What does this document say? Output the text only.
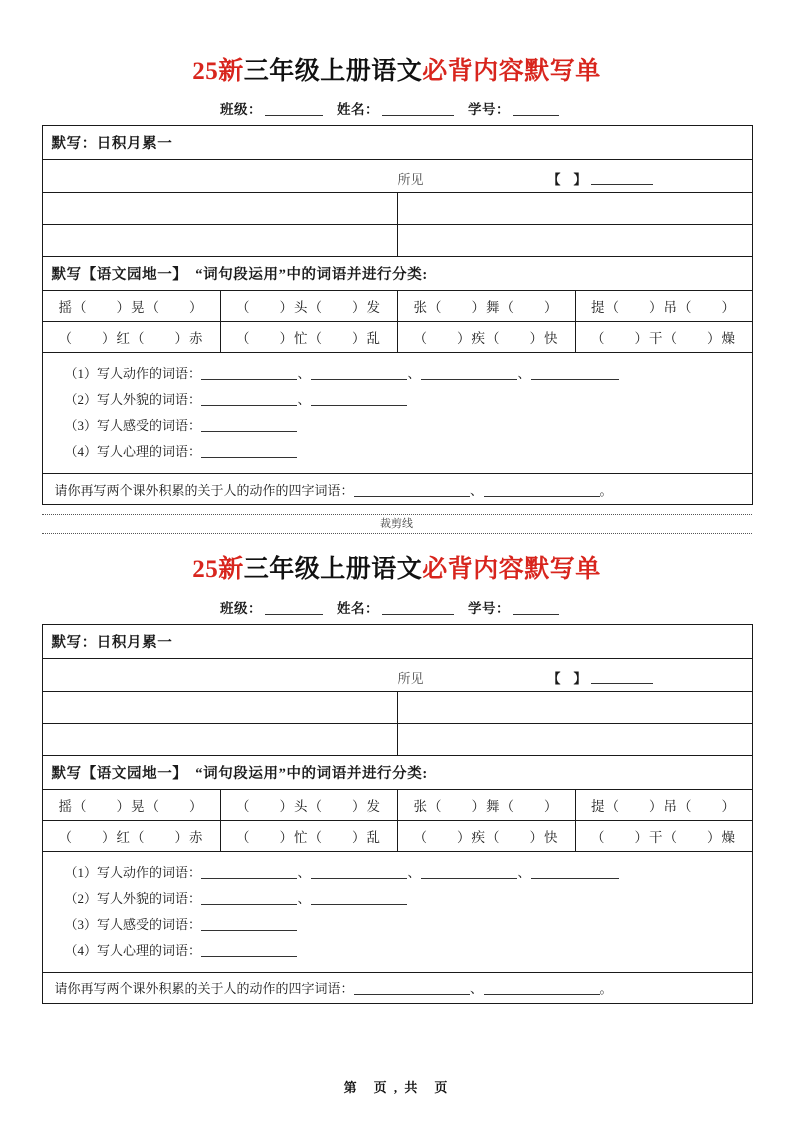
25新三年级上册语文必背内容默写单
班级：	姓名：	学号：
默写：日积月累一			

所见 【　】			

默写【语文园地一】　“词句段运用”中的词语并进行分类:			
摇（　　）晃（　　）	（　　）头（　　）发	张（　　）舞（　　）	提（　　）吊（　　）
（　　）红（　　）赤	（　　）忙（　　）乱	（　　）疾（　　）快	（　　）干（　　）燥

（1）写人动作的词语： 、 、 、
（2）写人外貌的词语： 、
（3）写人感受的词语：
（4）写人心理的词语：			

请你再写两个课外积累的关于人的动作的四字词语： 、 。			
裁剪线
25新三年级上册语文必背内容默写单
班级：	姓名：	学号：
默写：日积月累一			

所见 【　】			

默写【语文园地一】　“词句段运用”中的词语并进行分类:			
摇（　　）晃（　　）	（　　）头（　　）发	张（　　）舞（　　）	提（　　）吊（　　）
（　　）红（　　）赤	（　　）忙（　　）乱	（　　）疾（　　）快	（　　）干（　　）燥

（1）写人动作的词语： 、 、 、
（2）写人外貌的词语： 、
（3）写人感受的词语：
（4）写人心理的词语：			

请你再写两个课外积累的关于人的动作的四字词语： 、 。			
第　页 , 共　页
